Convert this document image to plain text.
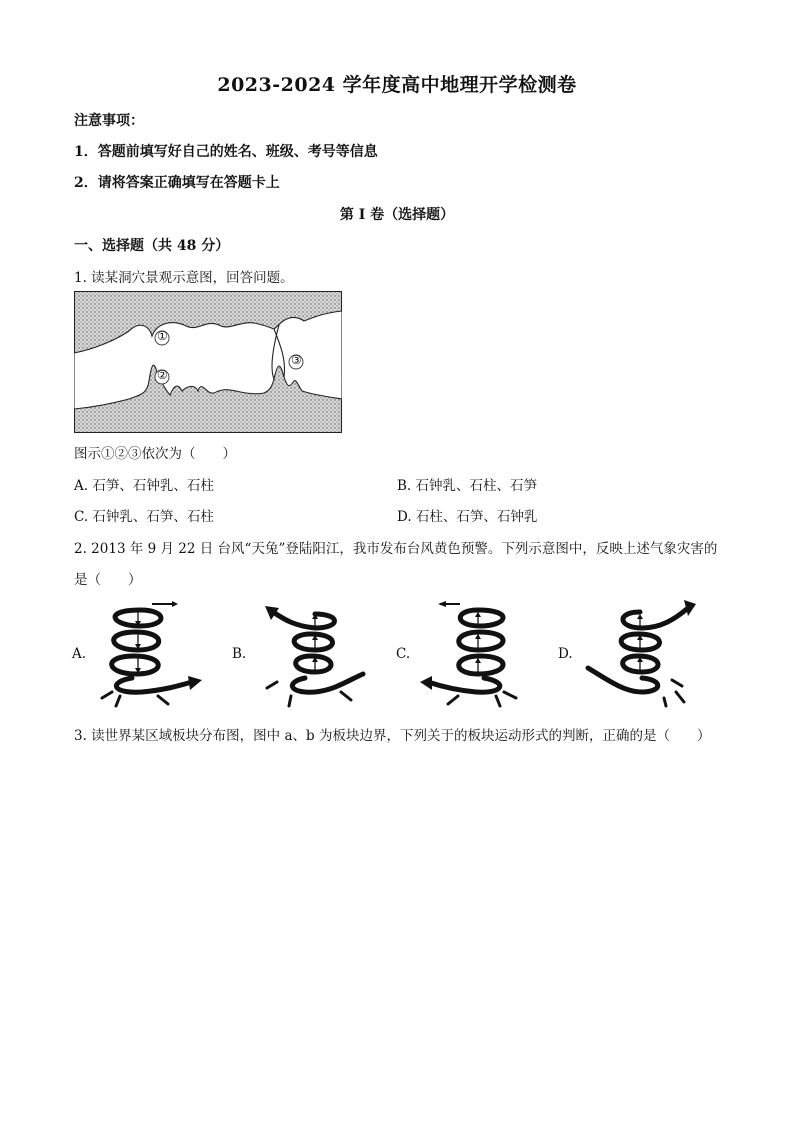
2023-2024 学年度高中地理开学检测卷
注意事项：
1．答题前填写好自己的姓名、班级、考号等信息
2．请将答案正确填写在答题卡上
第 I 卷（选择题）
一、选择题（共 48 分）
1. 读某洞穴景观示意图，回答问题。
①
②
③
图示①②③依次为（　　）
A. 石笋、石钟乳、石柱	B. 石钟乳、石柱、石笋
C. 石钟乳、石笋、石柱	D. 石柱、石笋、石钟乳
2. 2013 年 9 月 22 日 台风“天兔”登陆阳江，我市发布台风黄色预警。下列示意图中，反映上述气象灾害的
是（　　）
A.	B.	C.	D.
3. 读世界某区域板块分布图，图中 a、b 为板块边界，下列关于的板块运动形式的判断，正确的是（　　）
